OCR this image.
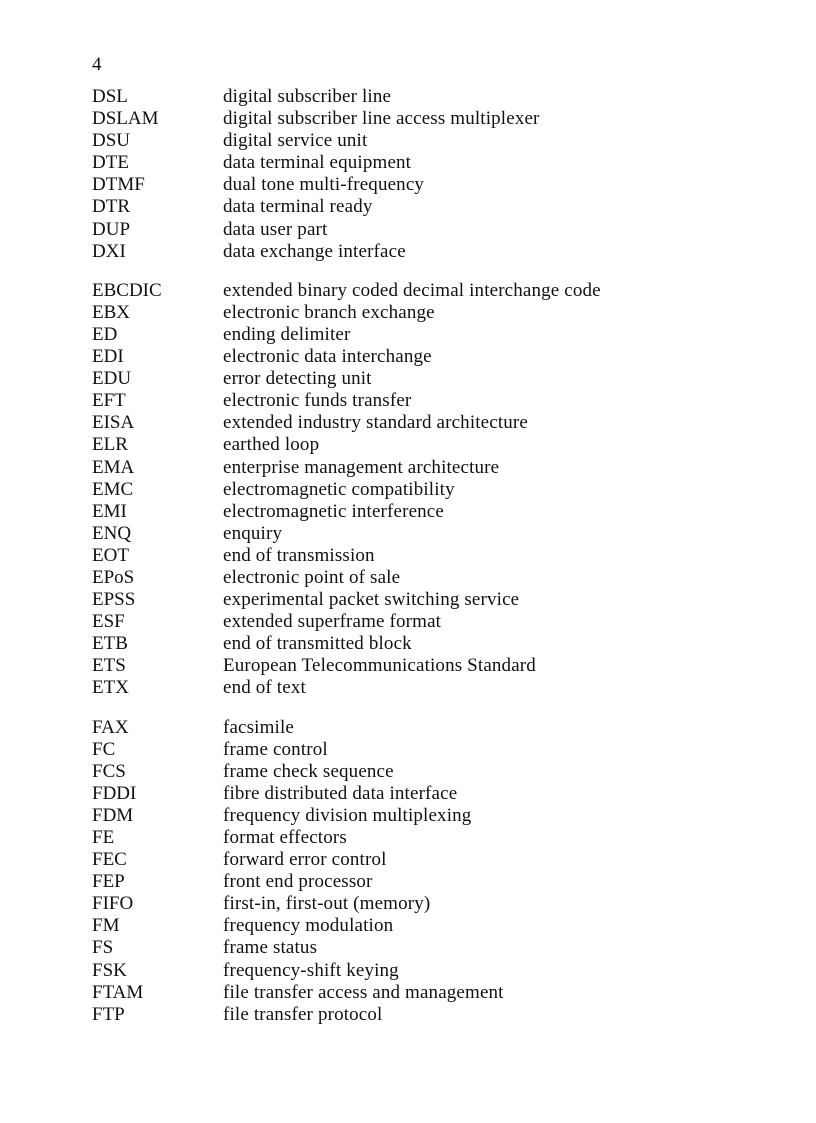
4
DSL	digital subscriber line
DSLAM	digital subscriber line access multiplexer
DSU	digital service unit
DTE	data terminal equipment
DTMF	dual tone multi-frequency
DTR	data terminal ready
DUP	data user part
DXI	data exchange interface
EBCDIC	extended binary coded decimal interchange code
EBX	electronic branch exchange
ED	ending delimiter
EDI	electronic data interchange
EDU	error detecting unit
EFT	electronic funds transfer
EISA	extended industry standard architecture
ELR	earthed loop
EMA	enterprise management architecture
EMC	electromagnetic compatibility
EMI	electromagnetic interference
ENQ	enquiry
EOT	end of transmission
EPoS	electronic point of sale
EPSS	experimental packet switching service
ESF	extended superframe format
ETB	end of transmitted block
ETS	European Telecommunications Standard
ETX	end of text
FAX	facsimile
FC	frame control
FCS	frame check sequence
FDDI	fibre distributed data interface
FDM	frequency division multiplexing
FE	format effectors
FEC	forward error control
FEP	front end processor
FIFO	first-in, first-out (memory)
FM	frequency modulation
FS	frame status
FSK	frequency-shift keying
FTAM	file transfer access and management
FTP	file transfer protocol
